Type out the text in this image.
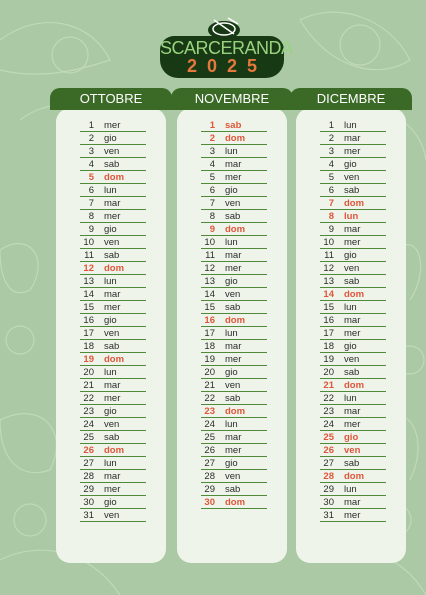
SCARCERANDA
2025
OTTOBRE
1 mer
2 gio
3 ven
4 sab
5 dom
6 lun
7 mar
8 mer
9 gio
10 ven
11 sab
12 dom
13 lun
14 mar
15 mer
16 gio
17 ven
18 sab
19 dom
20 lun
21 mar
22 mer
23 gio
24 ven
25 sab
26 dom
27 lun
28 mar
29 mer
30 gio
31 ven
NOVEMBRE
1 sab
2 dom
3 lun
4 mar
5 mer
6 gio
7 ven
8 sab
9 dom
10 lun
11 mar
12 mer
13 gio
14 ven
15 sab
16 dom
17 lun
18 mar
19 mer
20 gio
21 ven
22 sab
23 dom
24 lun
25 mar
26 mer
27 gio
28 ven
29 sab
30 dom
DICEMBRE
1 lun
2 mar
3 mer
4 gio
5 ven
6 sab
7 dom
8 lun
9 mar
10 mer
11 gio
12 ven
13 sab
14 dom
15 lun
16 mar
17 mer
18 gio
19 ven
20 sab
21 dom
22 lun
23 mar
24 mer
25 gio
26 ven
27 sab
28 dom
29 lun
30 mar
31 mer
